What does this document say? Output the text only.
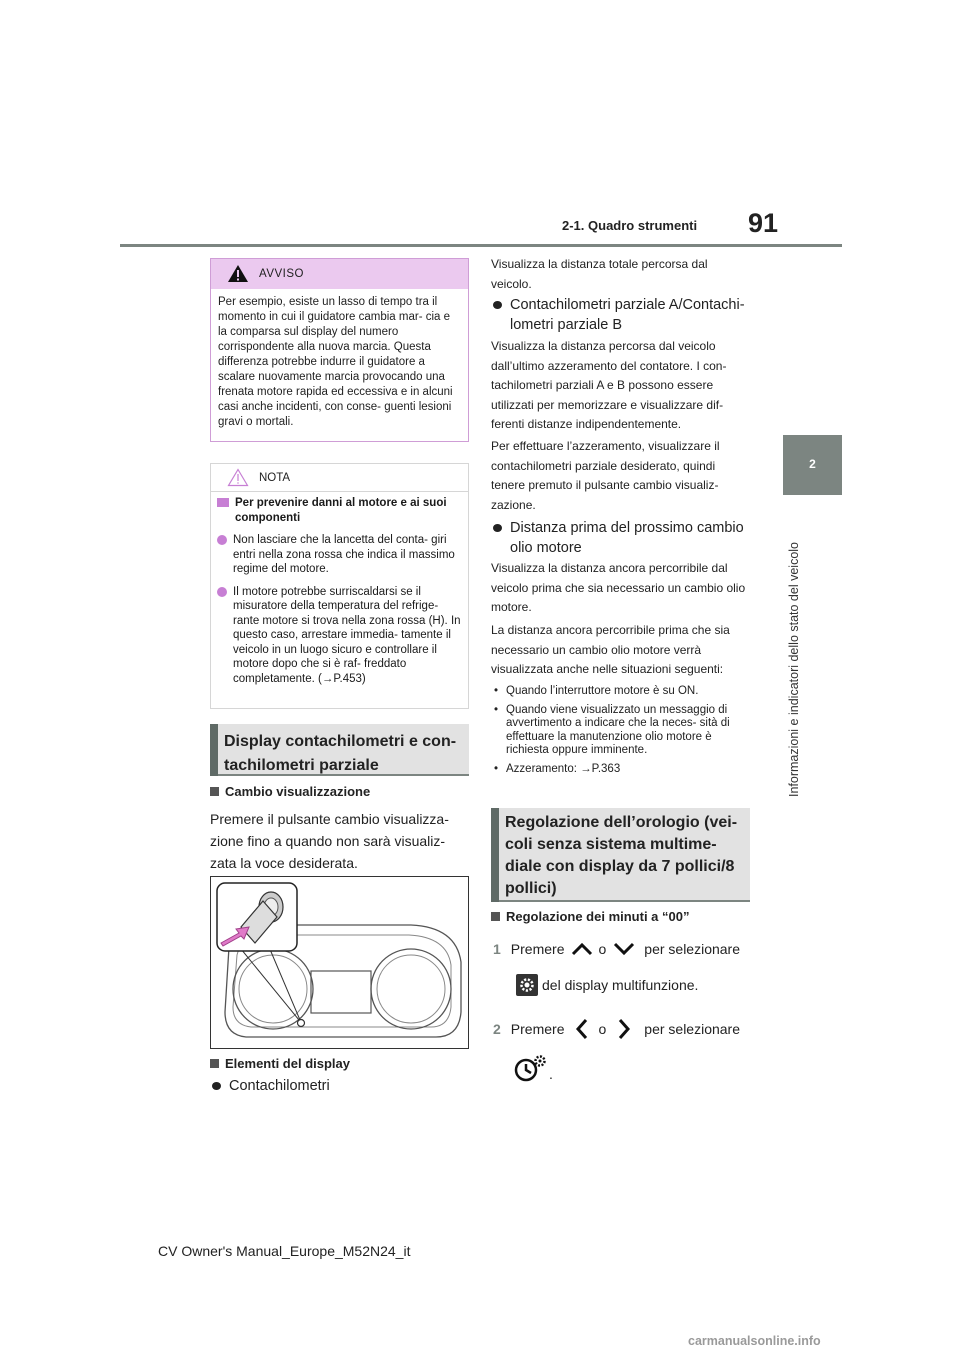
2-1. Quadro strumenti 91
2
Informazioni e indicatori dello stato del veicolo
AVVISO
Per esempio, esiste un lasso di tempo tra il momento in cui il guidatore cambia mar- cia e la comparsa sul display del numero corrispondente alla nuova marcia. Questa differenza potrebbe indurre il guidatore a scalare nuovamente marcia provocando una frenata motore rapida ed eccessiva e in alcuni casi anche incidenti, con conse- guenti lesioni gravi o mortali.
NOTA
Per prevenire danni al motore e ai suoi componenti
Non lasciare che la lancetta del conta- giri entri nella zona rossa che indica il massimo regime del motore.
Il motore potrebbe surriscaldarsi se il misuratore della temperatura del refrige- rante motore si trova nella zona rossa (H). In questo caso, arrestare immedia- tamente il veicolo in un luogo sicuro e controllare il motore dopo che si è raf- freddato completamente. (→P.453)
Display contachilometri e con- tachilometri parziale
Cambio visualizzazione
Premere il pulsante cambio visualizza- zione fino a quando non sarà visualiz- zata la voce desiderata.
Elementi del display
Contachilometri
Visualizza la distanza totale percorsa dal veicolo.
Contachilometri parziale A/Contachi- lometri parziale B
Visualizza la distanza percorsa dal veicolo dall’ultimo azzeramento del contatore. I con- tachilometri parziali A e B possono essere utilizzati per memorizzare e visualizzare dif- ferenti distanze indipendentemente.
Per effettuare l’azzeramento, visualizzare il contachilometri parziale desiderato, quindi tenere premuto il pulsante cambio visualiz- zazione.
Distanza prima del prossimo cambio olio motore
Visualizza la distanza ancora percorribile dal veicolo prima che sia necessario un cambio olio motore.
La distanza ancora percorribile prima che sia necessario un cambio olio motore verrà visualizzata anche nelle situazioni seguenti:
• Quando l’interruttore motore è su ON.
• Quando viene visualizzato un messaggio di avvertimento a indicare che la neces- sità di effettuare la manutenzione olio motore è richiesta oppure imminente.
• Azzeramento: →P.363
Regolazione dell’orologio (vei- coli senza sistema multime- diale con display da 7 pollici/8 pollici)
Regolazione dei minuti a “00”
1 Premere o	per selezionare
del display multifunzione.
2 Premere o	per selezionare
.
CV Owner's Manual_Europe_M52N24_it
carmanualsonline.info
